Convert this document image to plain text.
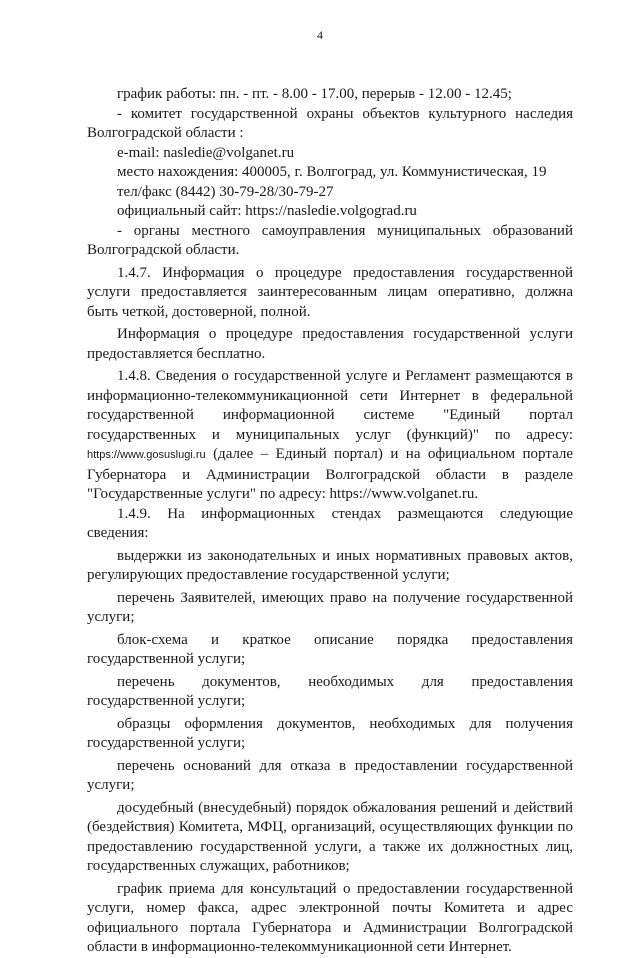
4

график работы: пн. - пт. - 8.00 - 17.00, перерыв - 12.00 - 12.45;

- комитет государственной охраны объектов культурного наследия Волгоградской области :

e-mail: nasledie@volganet.ru

место нахождения: 400005, г. Волгоград, ул. Коммунистическая, 19

тел/факс (8442) 30-79-28/30-79-27

официальный сайт: https://nasledie.volgograd.ru

- органы местного самоуправления муниципальных образований Волгоградской области.

1.4.7. Информация о процедуре предоставления государственной услуги предоставляется заинтересованным лицам оперативно, должна быть четкой, достоверной, полной.

Информация о процедуре предоставления государственной услуги предоставляется бесплатно.

1.4.8. Сведения о государственной услуге и Регламент размещаются в информационно-телекоммуникационной сети Интернет в федеральной государственной информационной системе "Единый портал государственных и муниципальных услуг (функций)" по адресу: https://www.gosuslugi.ru (далее – Единый портал) и на официальном портале Губернатора и Администрации Волгоградской области в разделе "Государственные услуги" по адресу: https://www.volganet.ru.

1.4.9. На информационных стендах размещаются следующие сведения:

выдержки из законодательных и иных нормативных правовых актов, регулирующих предоставление государственной услуги;

перечень Заявителей, имеющих право на получение государственной услуги;

блок-схема и краткое описание порядка предоставления государственной услуги;

перечень документов, необходимых для предоставления государственной услуги;

образцы оформления документов, необходимых для получения государственной услуги;

перечень оснований для отказа в предоставлении государственной услуги;

досудебный (внесудебный) порядок обжалования решений и действий (бездействия) Комитета, МФЦ, организаций, осуществляющих функции по предоставлению государственной услуги, а также их должностных лиц, государственных служащих, работников;

график приема для консультаций о предоставлении государственной услуги, номер факса, адрес электронной почты Комитета и адрес официального портала Губернатора и Администрации Волгоградской области в информационно-телекоммуникационной сети Интернет.
